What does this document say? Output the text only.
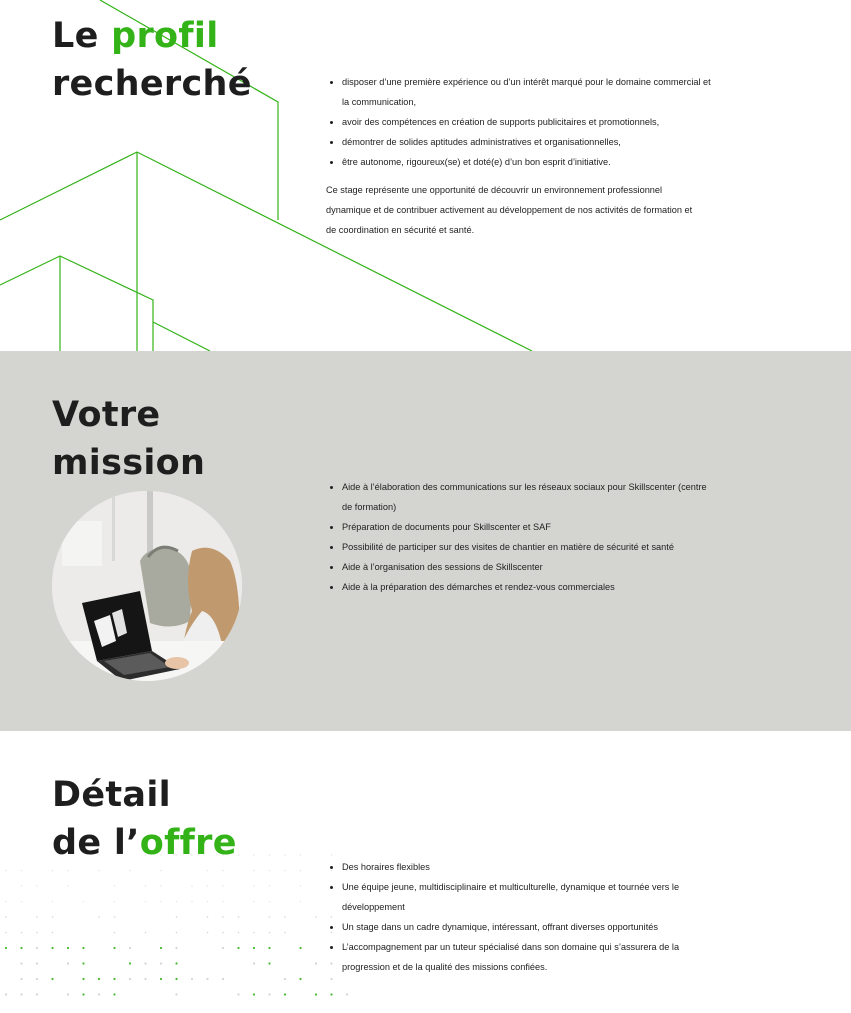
Le profil
recherché
•	disposer d’une première expérience ou d’un intérêt marqué pour le domaine commercial et la communication,
• avoir des compétences en création de supports publicitaires et promotionnels,
• démontrer de solides aptitudes administratives et organisationnelles,
• être autonome, rigoureux(se) et doté(e) d’un bon esprit d’initiative.

Ce stage représente une opportunité de découvrir un environnement professionnel dynamique et de contribuer activement au développement de nos activités de formation et de coordination en sécurité et santé.

Votre
mission
• Aide à l’élaboration des communications sur les réseaux sociaux pour Skillscenter (centre de formation)
• Préparation de documents pour Skillscenter et SAF
• Possibilité de participer sur des visites de chantier en matière de sécurité et santé
• Aide à l’organisation des sessions de Skillscenter
• Aide à la préparation des démarches et rendez-vous commerciales
Détail
de l’offre
• Des horaires flexibles
• Une équipe jeune, multidisciplinaire et multiculturelle, dynamique et tournée vers le développement
• Un stage dans un cadre dynamique, intéressant, offrant diverses opportunités
• L’accompagnement par un tuteur spécialisé dans son domaine qui s’assurera de la progression et de la qualité des missions confiées.
